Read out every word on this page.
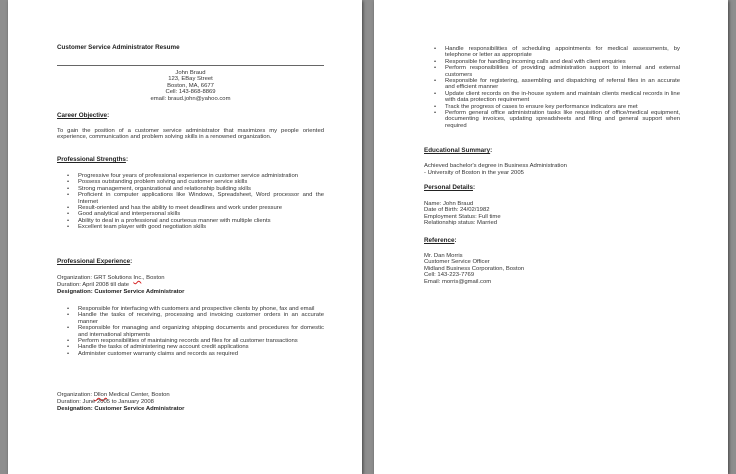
Customer Service Administrator Resume
John Braud
123, EBay Street
Boston, MA, 6677
Cell: 143-868-8869
email: braud.john@yahoo.com
Career Objective:

To gain the position of a customer service administrator that maximizes my people oriented experience, communication and problem solving skills in a renowned organization.

Professional Strengths:
• Progressive four years of professional experience in customer service administration
• Possess outstanding problem solving and customer service skills
• Strong management, organizational and relationship building skills
• Proficient in computer applications like Windows, Spreadsheet, Word processor and the Internet
• Result-oriented and has the ability to meet deadlines and work under pressure
• Good analytical and interpersonal skills
• Ability to deal in a professional and courteous manner with multiple clients
• Excellent team player with good negotiation skills
Professional Experience:
Organization: GRT Solutions Inc., Boston
Duration: April 2008 till date
Designation: Customer Service Administrator
• Responsible for interfacing with customers and prospective clients by phone, fax and email
• Handle the tasks of receiving, processing and invoicing customer orders in an accurate manner
• Responsible for managing and organizing shipping documents and procedures for domestic and international shipments
• Perform responsibilities of maintaining records and files for all customer transactions
• Handle the tasks of administering new account credit applications
• Administer customer warranty claims and records as required
Organization: Dllon Medical Center, Boston
Duration: June 2005 to January 2008
Designation: Customer Service Administrator
• Handle responsibilities of scheduling appointments for medical assessments, by telephone or letter as appropriate
• Responsible for handling incoming calls and deal with client enquiries
• Perform responsibilities of providing administration support to internal and external customers
• Responsible for registering, assembling and dispatching of referral files in an accurate and efficient manner
• Update client records on the in-house system and maintain clients medical records in line with data protection requirement
• Track the progress of cases to ensure key performance indicators are met
• Perform general office administration tasks like requisition of office/medical equipment, documenting invoices, updating spreadsheets and filing and general support when required
Educational Summary:
Achieved bachelor's degree in Business Administration
- University of Boston in the year 2005
Personal Details:
Name: John Braud
Date of Birth: 24/02/1982
Employment Status: Full time
Relationship status: Married
Reference:
Mr. Dan Morris
Customer Service Officer
Midland Business Corporation, Boston
Cell: 143-223-7769
Email: morris@gmail.com
